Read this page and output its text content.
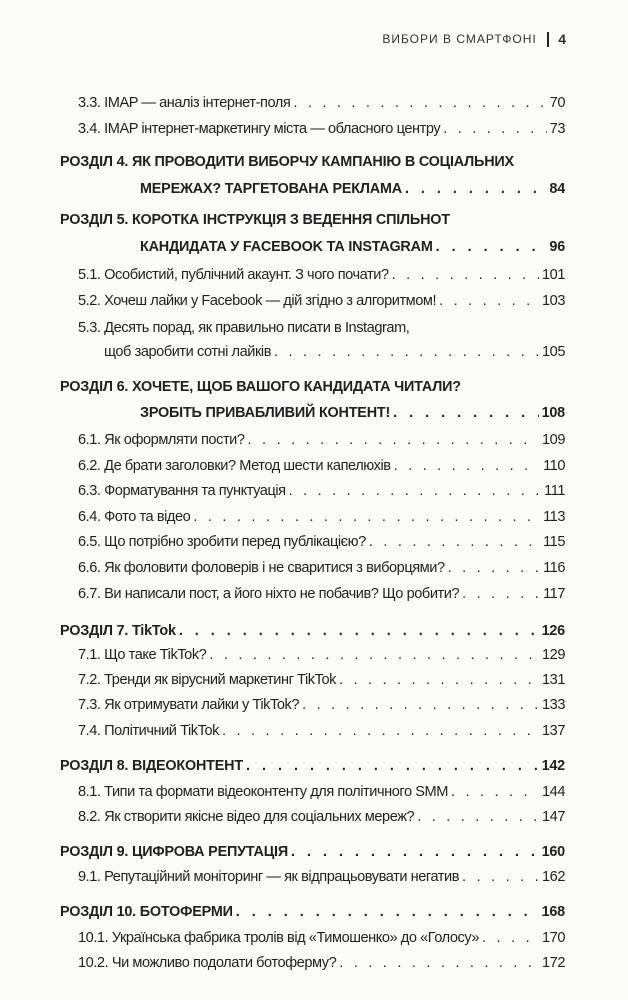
ВИБОРИ В СМАРТФОНІ 4
3.3. IMAP — аналіз інтернет-поля . . .	70
3.4. IMAP інтернет-маркетингу міста — обласного центру . . .	73
РОЗДІЛ 4. ЯК ПРОВОДИТИ ВИБОРЧУ КАМПАНІЮ В СОЦІАЛЬНИХ
МЕРЕЖАХ? ТАРГЕТОВАНА РЕКЛАМА . . .	84
РОЗДІЛ 5. КОРОТКА ІНСТРУКЦІЯ З ВЕДЕННЯ СПІЛЬНОТ
КАНДИДАТА У FACEBOOK ТА INSTAGRAM . . .	96
5.1. Особистий, публічний акаунт. З чого почати? . . .	101
5.2. Хочеш лайки у Facebook — дій згідно з алгоритмом! . . .	103
5.3. Десять порад, як правильно писати в Instagram,
щоб заробити сотні лайків . . .	105
РОЗДІЛ 6. ХОЧЕТЕ, ЩОБ ВАШОГО КАНДИДАТА ЧИТАЛИ?
ЗРОБІТЬ ПРИВАБЛИВИЙ КОНТЕНТ! . . .	108
6.1. Як оформляти пости? . . .	109
6.2. Де брати заголовки? Метод шести капелюхів . . .	110
6.3. Форматування та пунктуація . . .	111
6.4. Фото та відео . . .	113
6.5. Що потрібно зробити перед публікацією? . . .	115
6.6. Як фоловити фоловерів і не сваритися з виборцями? . . .	116
6.7. Ви написали пост, а його ніхто не побачив? Що робити? . . .	117
РОЗДІЛ 7. TikTok . . .	126
7.1. Що таке TikTok? . . .	129
7.2. Тренди як вірусний маркетинг TikTok . . .	131
7.3. Як отримувати лайки у TikTok? . . .	133
7.4. Політичний TikTok . . .	137
РОЗДІЛ 8. ВІДЕОКОНТЕНТ . . .	142
8.1. Типи та формати відеоконтенту для політичного SMM . . .	144
8.2. Як створити якісне відео для соціальних мереж? . . .	147
РОЗДІЛ 9. ЦИФРОВА РЕПУТАЦІЯ . . .	160
9.1. Репутаційний моніторинг — як відпрацьовувати негатив . . .	162
РОЗДІЛ 10. БОТОФЕРМИ . . .	168
10.1. Українська фабрика тролів від «Тимошенко» до «Голосу» . . .	170
10.2. Чи можливо подолати ботоферму? . . .	172
